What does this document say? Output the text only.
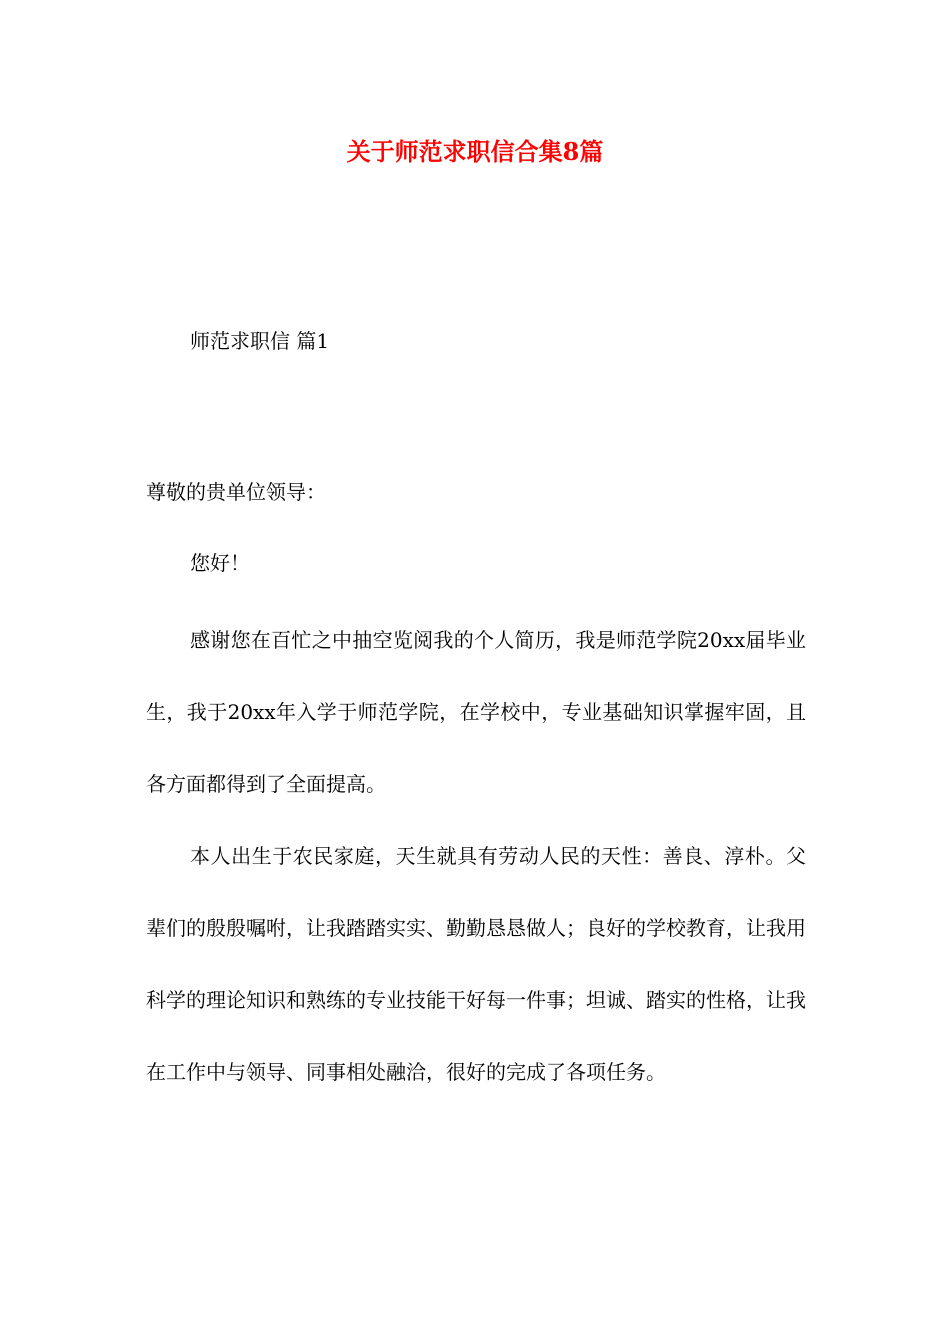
关于师范求职信合集8篇

师范求职信 篇1

尊敬的贵单位领导：

您好！

感谢您在百忙之中抽空览阅我的个人简历，我是师范学院20xx届毕业生，我于20xx年入学于师范学院，在学校中，专业基础知识掌握牢固，且各方面都得到了全面提高。

本人出生于农民家庭，天生就具有劳动人民的天性：善良、淳朴。父辈们的殷殷嘱咐，让我踏踏实实、勤勤恳恳做人；良好的学校教育，让我用科学的理论知识和熟练的专业技能干好每一件事；坦诚、踏实的性格，让我在工作中与领导、同事相处融洽，很好的完成了各项任务。
